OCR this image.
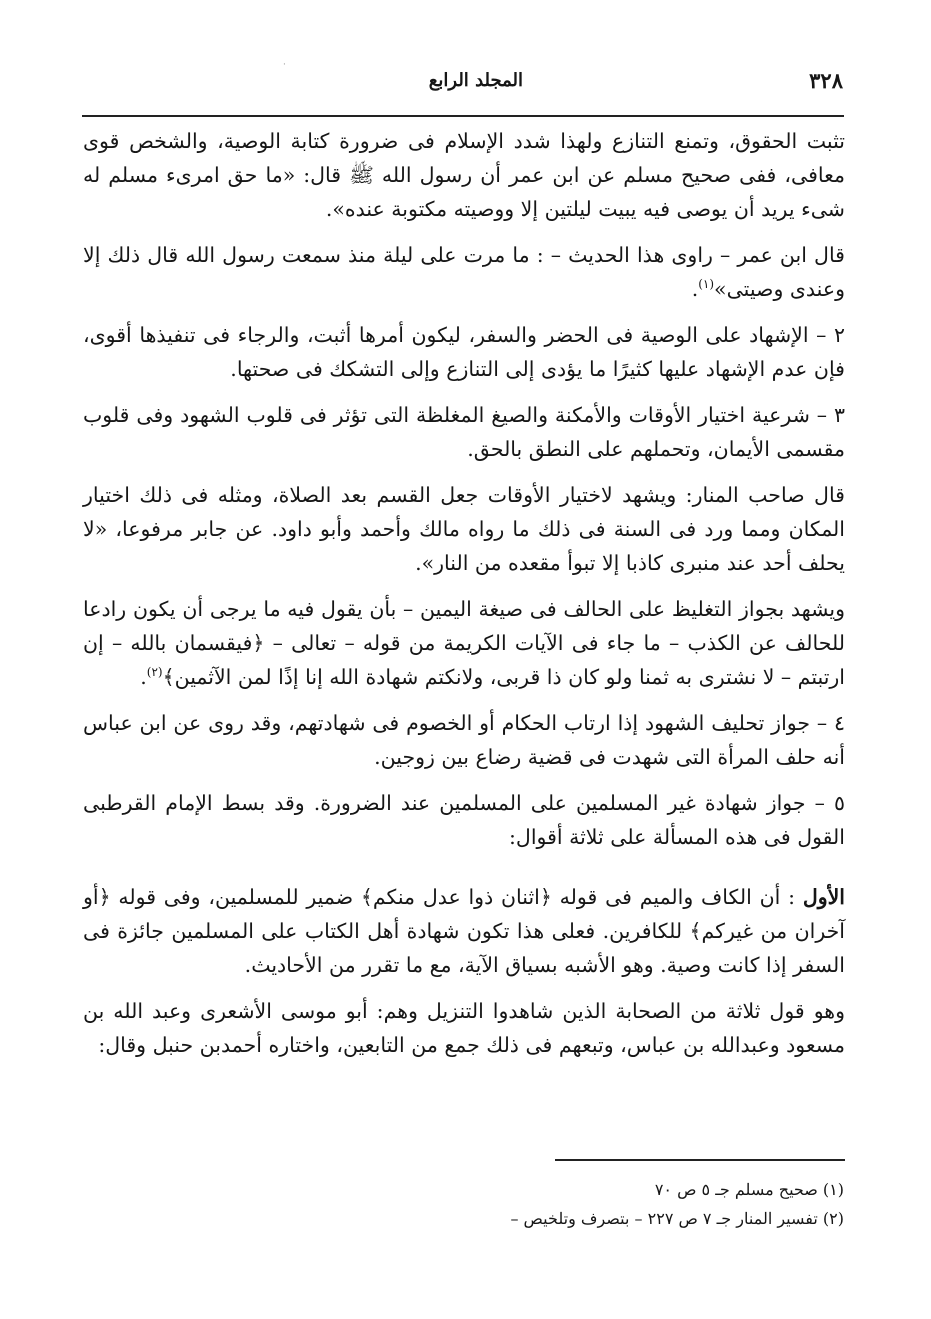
·
٣٢٨
المجلد الرابع

تثبت الحقوق، وتمنع التنازع ولهذا شدد الإسلام فى ضرورة كتابة الوصية، والشخص قوى معافى، ففى صحيح مسلم عن ابن عمر أن رسول الله ﷺ قال: «ما حق امرىء مسلم له شىء يريد أن يوصى فيه يبيت ليلتين إلا ووصيته مكتوبة عنده».

قال ابن عمر – راوى هذا الحديث – : ما مرت على ليلة منذ سمعت رسول الله قال ذلك إلا وعندى وصيتى»$^{(١)}$.

٢ – الإشهاد على الوصية فى الحضر والسفر، ليكون أمرها أثبت، والرجاء فى تنفيذها أقوى، فإن عدم الإشهاد عليها كثيرًا ما يؤدى إلى التنازع وإلى التشكك فى صحتها.

٣ – شرعية اختيار الأوقات والأمكنة والصيغ المغلظة التى تؤثر فى قلوب الشهود وفى قلوب مقسمى الأيمان، وتحملهم على النطق بالحق.

قال صاحب المنار: ويشهد لاختيار الأوقات جعل القسم بعد الصلاة، ومثله فى ذلك اختيار المكان ومما ورد فى السنة فى ذلك ما رواه مالك وأحمد وأبو داود. عن جابر مرفوعا، «لا يحلف أحد عند منبرى كاذبا إلا تبوأ مقعده من النار».

ويشهد بجواز التغليظ على الحالف فى صيغة اليمين – بأن يقول فيه ما يرجى أن يكون رادعا للحالف عن الكذب – ما جاء فى الآيات الكريمة من قوله – تعالى – ﴿فيقسمان بالله – إن ارتبتم – لا نشترى به ثمنا ولو كان ذا قربى، ولانكتم شهادة الله إنا إذًا لمن الآثمين﴾$^{(٢)}$.

٤ – جواز تحليف الشهود إذا ارتاب الحكام أو الخصوم فى شهادتهم، وقد روى عن ابن عباس أنه حلف المرأة التى شهدت فى قضية رضاع بين زوجين.

٥ – جواز شهادة غير المسلمين على المسلمين عند الضرورة. وقد بسط الإمام القرطبى القول فى هذه المسألة على ثلاثة أقوال:

الأول : أن الكاف والميم فى قوله ﴿اثنان ذوا عدل منكم﴾ ضمير للمسلمين، وفى قوله ﴿أو آخران من غيركم﴾ للكافرين. فعلى هذا تكون شهادة أهل الكتاب على المسلمين جائزة فى السفر إذا كانت وصية. وهو الأشبه بسياق الآية، مع ما تقرر من الأحاديث.

وهو قول ثلاثة من الصحابة الذين شاهدوا التنزيل وهم: أبو موسى الأشعرى وعبد الله بن مسعود وعبدالله بن عباس، وتبعهم فى ذلك جمع من التابعين، واختاره أحمدبن حنبل وقال:

(١) صحيح مسلم جـ ٥ ص ٧٠
(٢) تفسير المنار جـ ٧ ص ٢٢٧ – بتصرف وتلخيص –
